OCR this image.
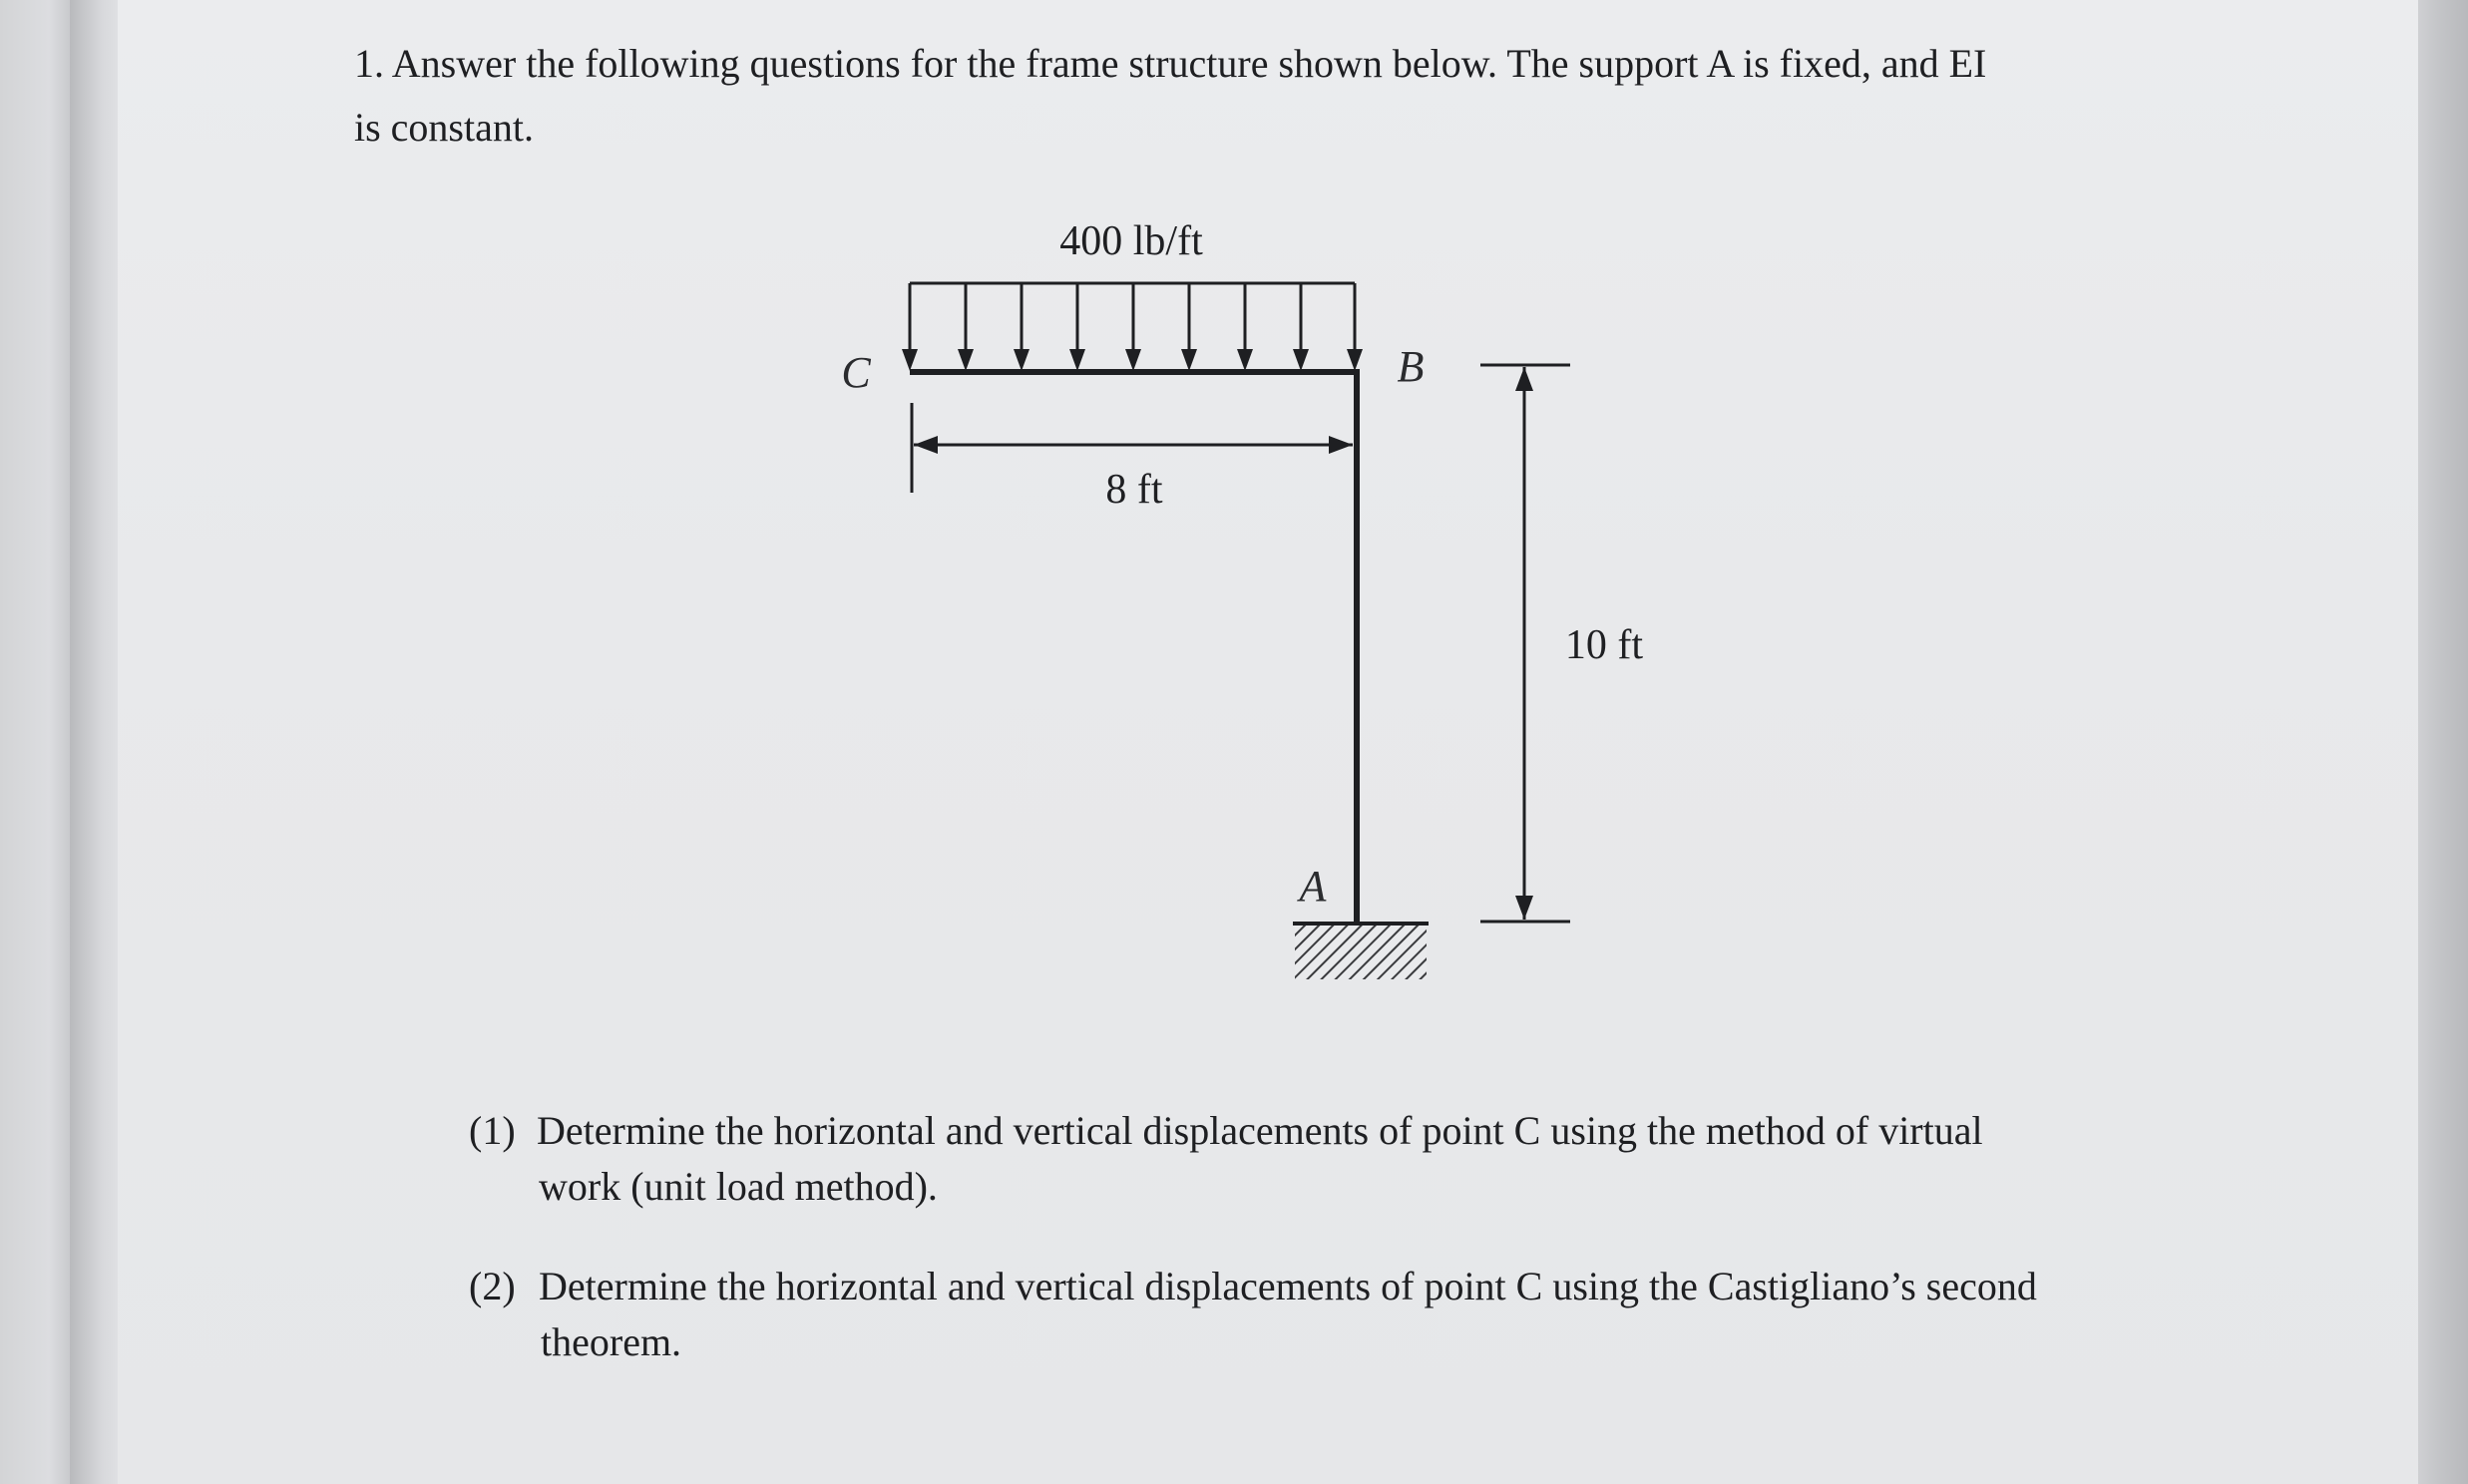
1. Answer the following questions for the frame structure shown below. The support A is fixed, and EI
is constant.
400 lb/ft
C	B
A
8 ft
10 ft
(1) Determine the horizontal and vertical displacements of point C using the method of virtual
work (unit load method).
(2) Determine the horizontal and vertical displacements of point C using the Castigliano’s second
theorem.
